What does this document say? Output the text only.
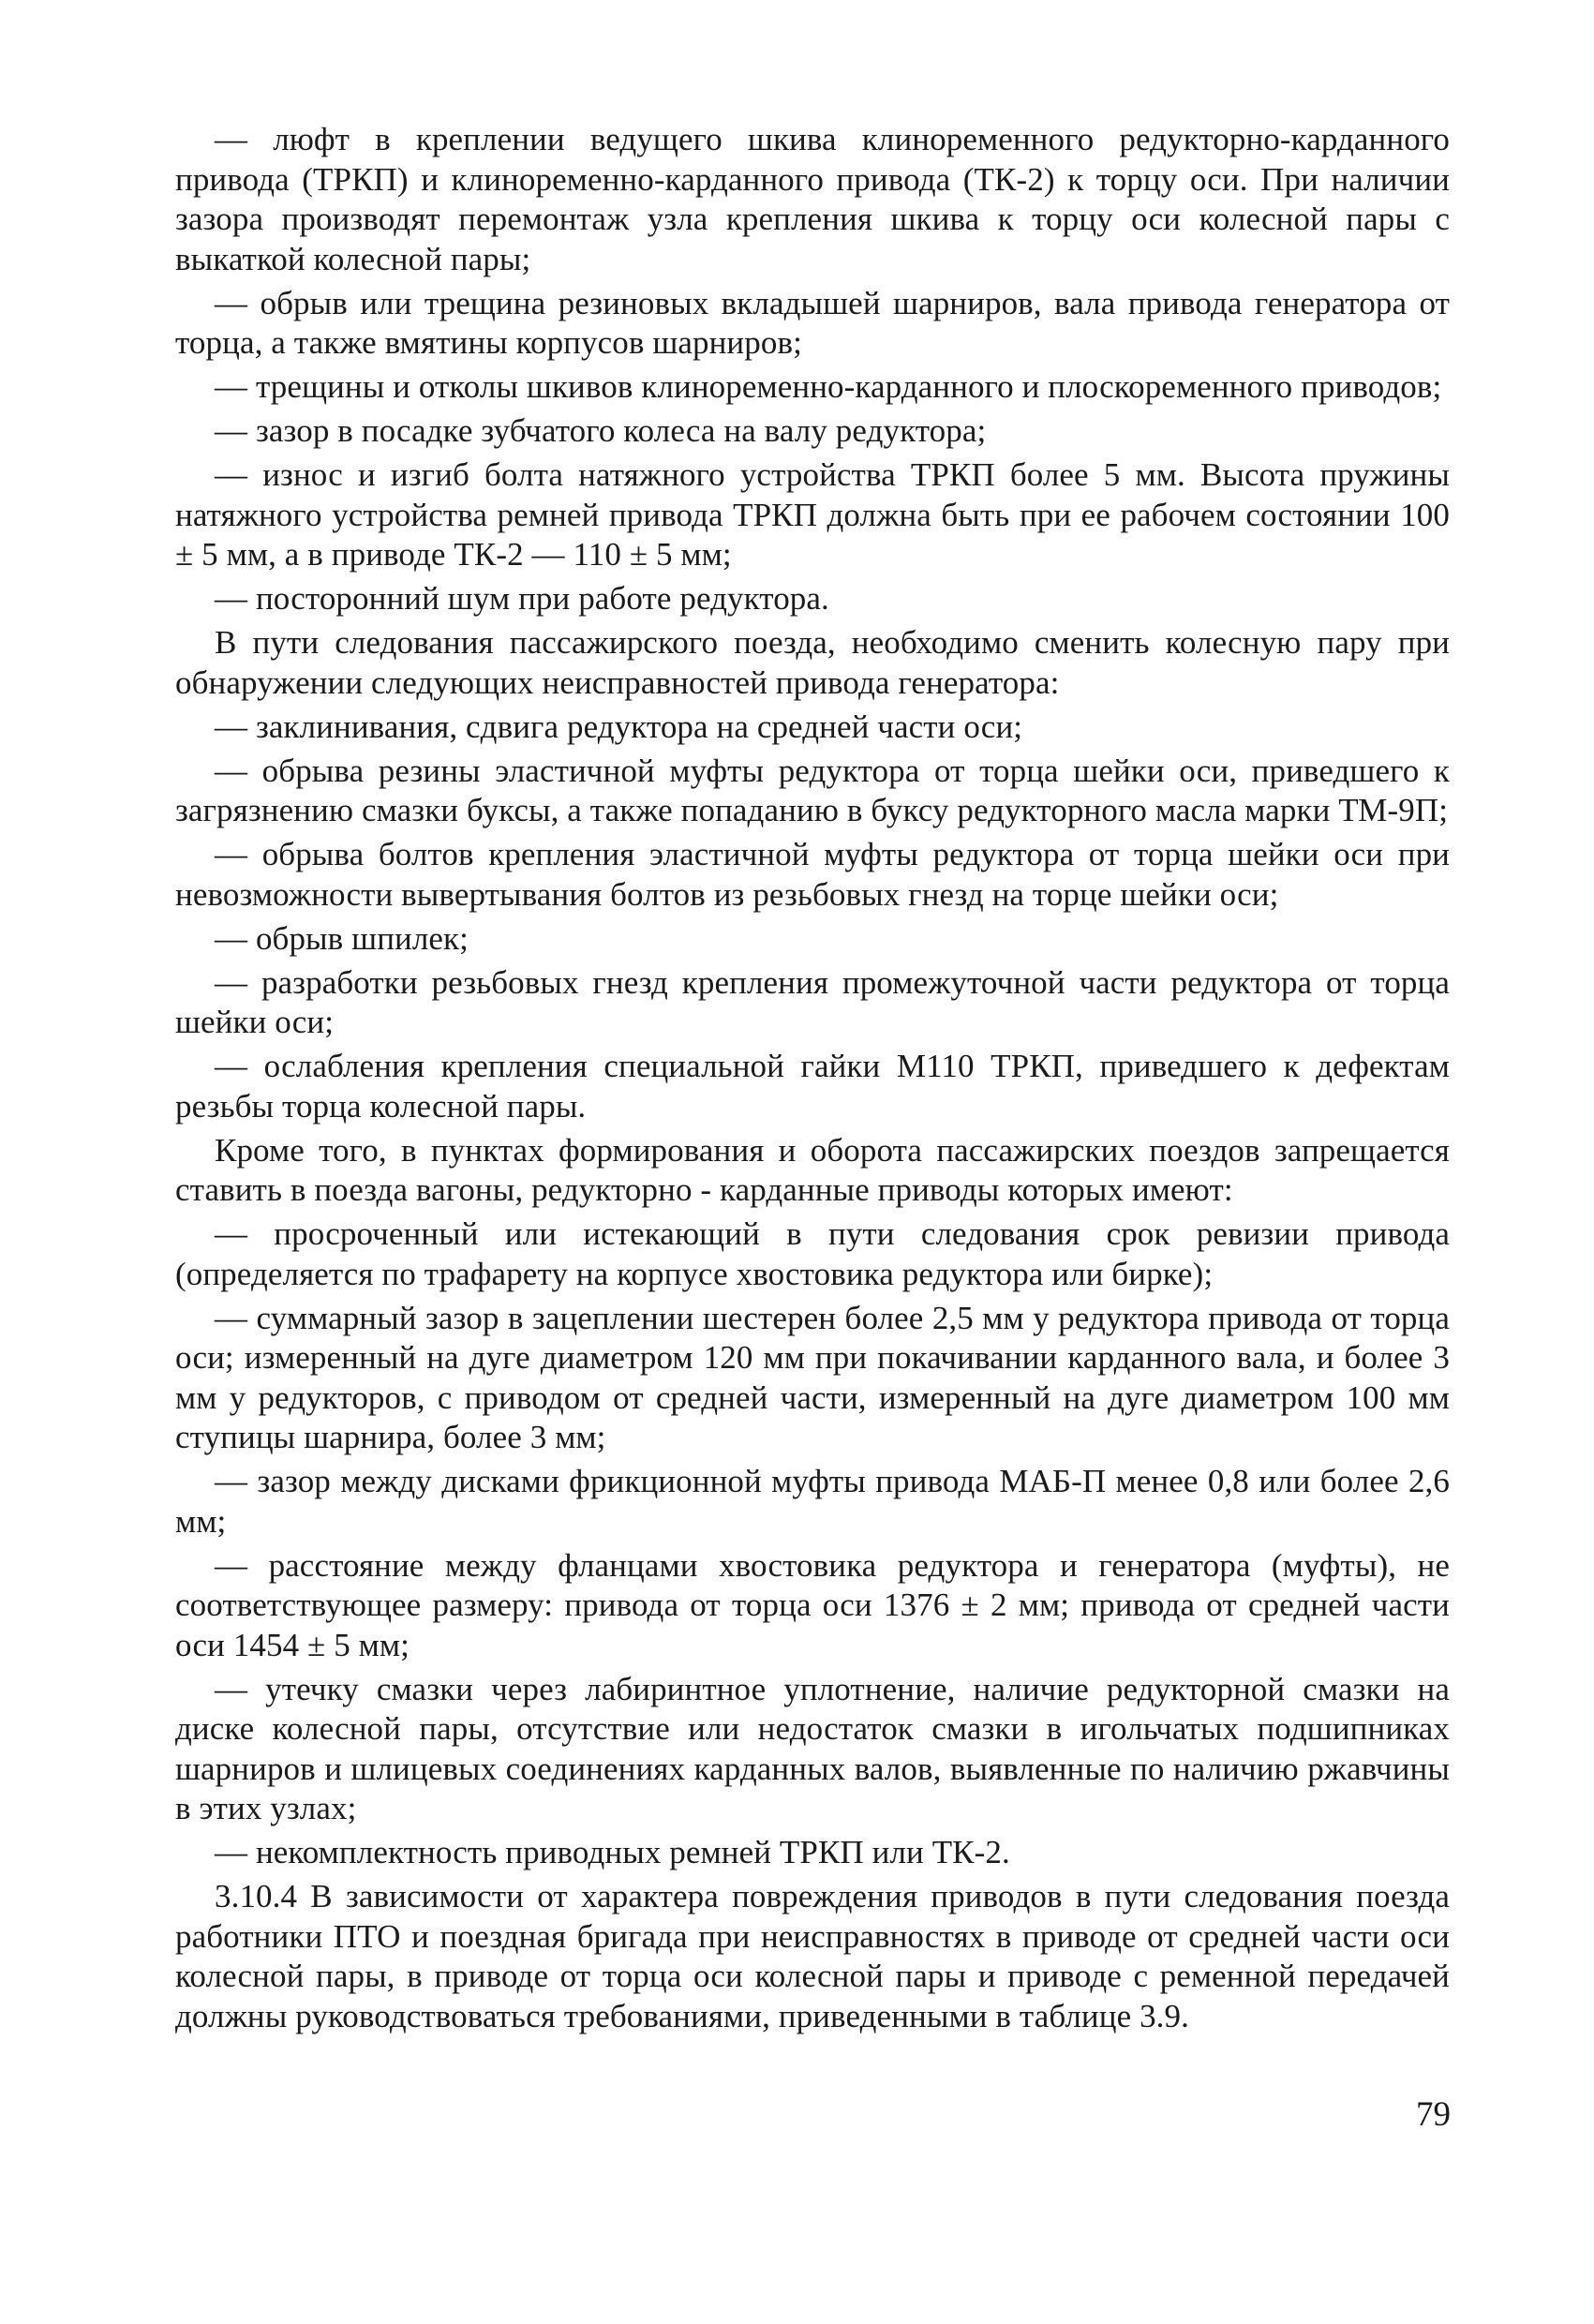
— люфт в креплении ведущего шкива клиноременного редукторно-карданного привода (ТРКП) и клиноременно-карданного привода (ТК-2) к торцу оси. При наличии зазора производят перемонтаж узла крепления шкива к торцу оси колесной пары с выкаткой колесной пары;

— обрыв или трещина резиновых вкладышей шарниров, вала привода генератора от торца, а также вмятины корпусов шарниров;

— трещины и отколы шкивов клиноременно-карданного и плоскоременного приводов;

— зазор в посадке зубчатого колеса на валу редуктора;

— износ и изгиб болта натяжного устройства ТРКП более 5 мм. Высота пружины натяжного устройства ремней привода ТРКП должна быть при ее рабочем состоянии 100 ± 5 мм, а в приводе ТК-2 — 110 ± 5 мм;

— посторонний шум при работе редуктора.

В пути следования пассажирского поезда, необходимо сменить колесную пару при обнаружении следующих неисправностей привода генератора:

— заклинивания, сдвига редуктора на средней части оси;

— обрыва резины эластичной муфты редуктора от торца шейки оси, приведшего к загрязнению смазки буксы, а также попаданию в буксу редукторного масла марки ТМ-9П;

— обрыва болтов крепления эластичной муфты редуктора от торца шейки оси при невозможности вывертывания болтов из резьбовых гнезд на торце шейки оси;

— обрыв шпилек;

— разработки резьбовых гнезд крепления промежуточной части редуктора от торца шейки оси;

— ослабления крепления специальной гайки М110 ТРКП, приведшего к дефектам резьбы торца колесной пары.

Кроме того, в пунктах формирования и оборота пассажирских поездов запрещается ставить в поезда вагоны, редукторно - карданные приводы которых имеют:

— просроченный или истекающий в пути следования срок ревизии привода (определяется по трафарету на корпусе хвостовика редуктора или бирке);

— суммарный зазор в зацеплении шестерен более 2,5 мм у редуктора привода от торца оси; измеренный на дуге диаметром 120 мм при покачивании карданного вала, и более 3 мм у редукторов, с приводом от средней части, измеренный на дуге диаметром 100 мм ступицы шарнира, более 3 мм;

— зазор между дисками фрикционной муфты привода МАБ-П менее 0,8 или более 2,6 мм;

— расстояние между фланцами хвостовика редуктора и генератора (муфты), не соответствующее размеру: привода от торца оси 1376 ± 2 мм; привода от средней части оси 1454 ± 5 мм;

— утечку смазки через лабиринтное уплотнение, наличие редукторной смазки на диске колесной пары, отсутствие или недостаток смазки в игольчатых подшипниках шарниров и шлицевых соединениях карданных валов, выявленные по наличию ржавчины в этих узлах;

— некомплектность приводных ремней ТРКП или ТК-2.

3.10.4 В зависимости от характера повреждения приводов в пути следования поезда работники ПТО и поездная бригада при неисправностях в приводе от средней части оси колесной пары, в приводе от торца оси колесной пары и приводе с ременной передачей должны руководствоваться требованиями, приведенными в таблице 3.9.

79
